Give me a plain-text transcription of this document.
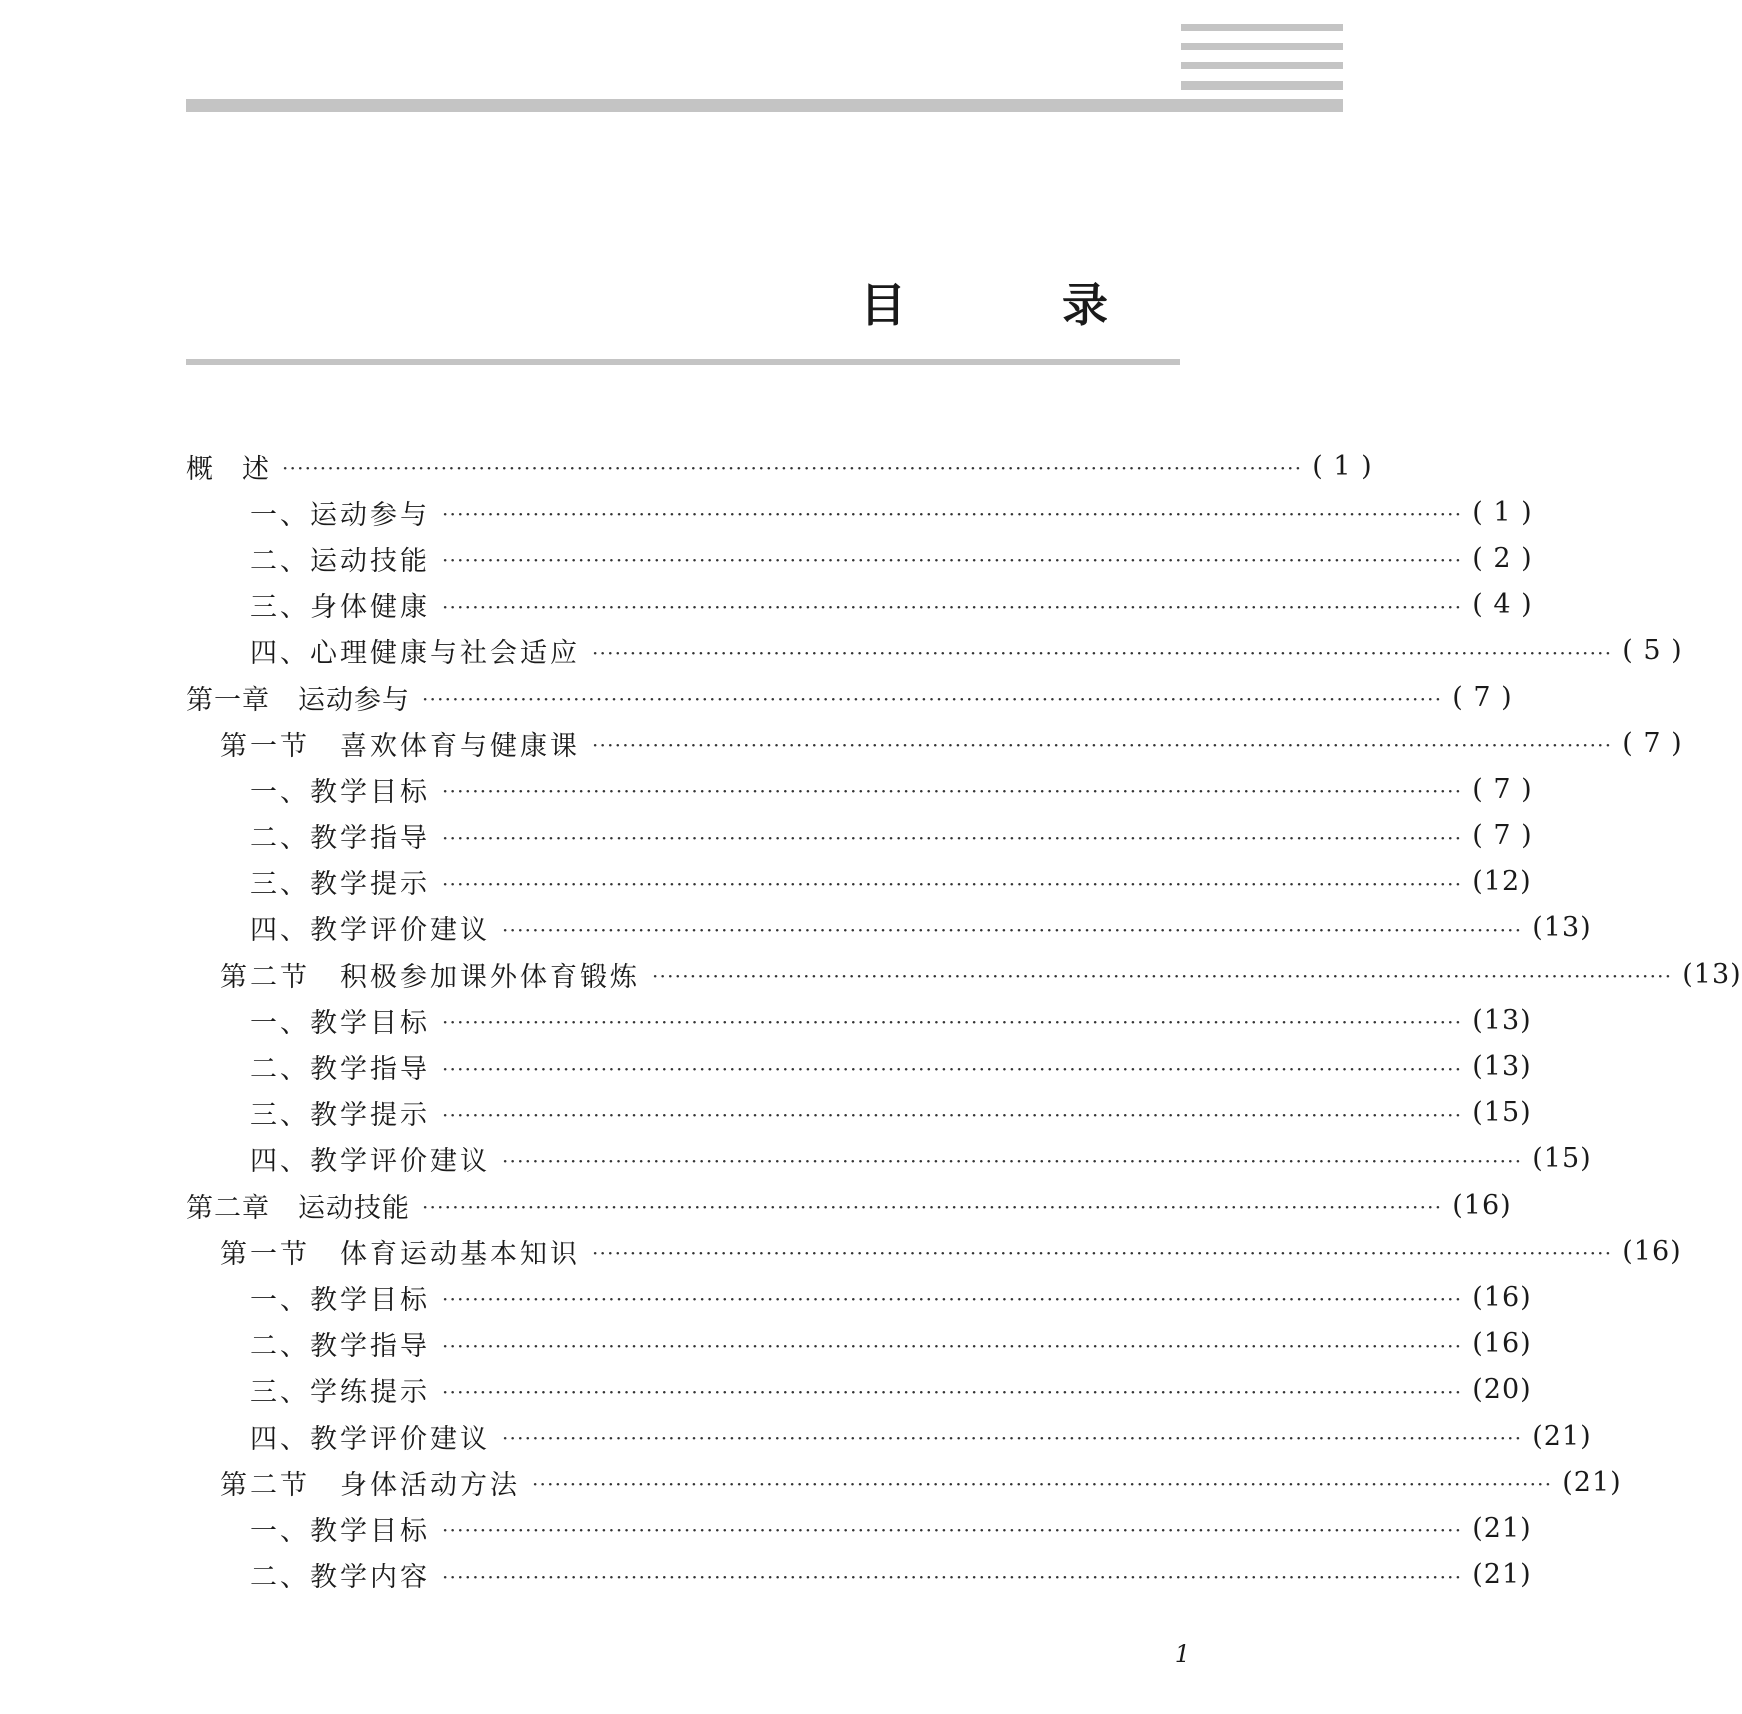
目 录
概　述 ······································································································································· ( 1 )
一、运动参与 ······································································································································· ( 1 )
二、运动技能 ······································································································································· ( 2 )
三、身体健康 ······································································································································· ( 4 )
四、心理健康与社会适应 ······································································································································· ( 5 )
第一章　运动参与 ······································································································································· ( 7 )
第一节　喜欢体育与健康课 ······································································································································· ( 7 )
一、教学目标 ······································································································································· ( 7 )
二、教学指导 ······································································································································· ( 7 )
三、教学提示 ······································································································································· (12)
四、教学评价建议 ······································································································································· (13)
第二节　积极参加课外体育锻炼 ······································································································································· (13)
一、教学目标 ······································································································································· (13)
二、教学指导 ······································································································································· (13)
三、教学提示 ······································································································································· (15)
四、教学评价建议 ······································································································································· (15)
第二章　运动技能 ······································································································································· (16)
第一节　体育运动基本知识 ······································································································································· (16)
一、教学目标 ······································································································································· (16)
二、教学指导 ······································································································································· (16)
三、学练提示 ······································································································································· (20)
四、教学评价建议 ······································································································································· (21)
第二节　身体活动方法 ······································································································································· (21)
一、教学目标 ······································································································································· (21)
二、教学内容 ······································································································································· (21)
1
